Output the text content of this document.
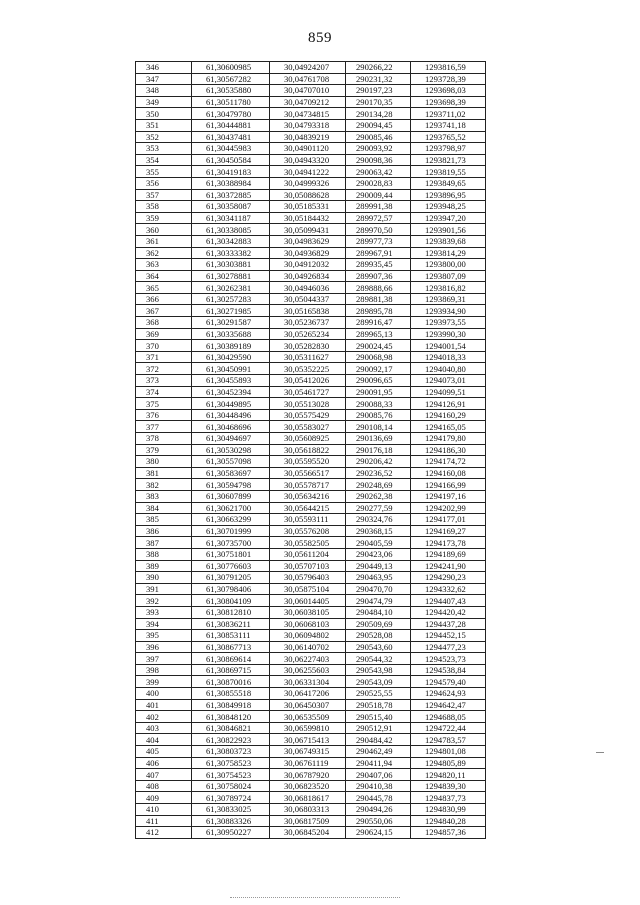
859
346	61,30600985	30,04924207	290266,22	1293816,59
347	61,30567282	30,04761708	290231,32	1293728,39
348	61,30535880	30,04707010	290197,23	1293698,03
349	61,30511780	30,04709212	290170,35	1293698,39
350	61,30479780	30,04734815	290134,28	1293711,02
351	61,30444881	30,04793318	290094,45	1293741,18
352	61,30437481	30,04839219	290085,46	1293765,52
353	61,30445983	30,04901120	290093,92	1293798,97
354	61,30450584	30,04943320	290098,36	1293821,73
355	61,30419183	30,04941222	290063,42	1293819,55
356	61,30388984	30,04999326	290028,83	1293849,65
357	61,30372885	30,05088628	290009,44	1293896,95
358	61,30358087	30,05185331	289991,38	1293948,25
359	61,30341187	30,05184432	289972,57	1293947,20
360	61,30338085	30,05099431	289970,50	1293901,56
361	61,30342883	30,04983629	289977,73	1293839,68
362	61,30333382	30,04936829	289967,91	1293814,29
363	61,30303881	30,04912032	289935,45	1293800,00
364	61,30278881	30,04926834	289907,36	1293807,09
365	61,30262381	30,04946036	289888,66	1293816,82
366	61,30257283	30,05044337	289881,38	1293869,31
367	61,30271985	30,05165838	289895,78	1293934,90
368	61,30291587	30,05236737	289916,47	1293973,55
369	61,30335688	30,05265234	289965,13	1293990,30
370	61,30389189	30,05282830	290024,45	1294001,54
371	61,30429590	30,05311627	290068,98	1294018,33
372	61,30450991	30,05352225	290092,17	1294040,80
373	61,30455893	30,05412026	290096,65	1294073,01
374	61,30452394	30,05461727	290091,95	1294099,51
375	61,30449895	30,05513028	290088,33	1294126,91
376	61,30448496	30,05575429	290085,76	1294160,29
377	61,30468696	30,05583027	290108,14	1294165,05
378	61,30494697	30,05608925	290136,69	1294179,80
379	61,30530298	30,05618822	290176,18	1294186,30
380	61,30557098	30,05595520	290206,42	1294174,72
381	61,30583697	30,05566517	290236,52	1294160,08
382	61,30594798	30,05578717	290248,69	1294166,99
383	61,30607899	30,05634216	290262,38	1294197,16
384	61,30621700	30,05644215	290277,59	1294202,99
385	61,30663299	30,05593111	290324,76	1294177,01
386	61,30701999	30,05576208	290368,15	1294169,27
387	61,30735700	30,05582505	290405,59	1294173,78
388	61,30751801	30,05611204	290423,06	1294189,69
389	61,30776603	30,05707103	290449,13	1294241,90
390	61,30791205	30,05796403	290463,95	1294290,23
391	61,30798406	30,05875104	290470,70	1294332,62
392	61,30804109	30,06014405	290474,79	1294407,43
393	61,30812810	30,06038105	290484,10	1294420,42
394	61,30836211	30,06068103	290509,69	1294437,28
395	61,30853111	30,06094802	290528,08	1294452,15
396	61,30867713	30,06140702	290543,60	1294477,23
397	61,30869614	30,06227403	290544,32	1294523,73
398	61,30869715	30,06255603	290543,98	1294538,84
399	61,30870016	30,06331304	290543,09	1294579,40
400	61,30855518	30,06417206	290525,55	1294624,93
401	61,30849918	30,06450307	290518,78	1294642,47
402	61,30848120	30,06535509	290515,40	1294688,05
403	61,30846821	30,06599810	290512,91	1294722,44
404	61,30822923	30,06715413	290484,42	1294783,57
405	61,30803723	30,06749315	290462,49	1294801,08
406	61,30758523	30,06761119	290411,94	1294805,89
407	61,30754523	30,06787920	290407,06	1294820,11
408	61,30758024	30,06823520	290410,38	1294839,30
409	61,30789724	30,06818617	290445,78	1294837,73
410	61,30833025	30,06803313	290494,26	1294830,99
411	61,30883326	30,06817509	290550,06	1294840,28
412	61,30950227	30,06845204	290624,15	1294857,36
